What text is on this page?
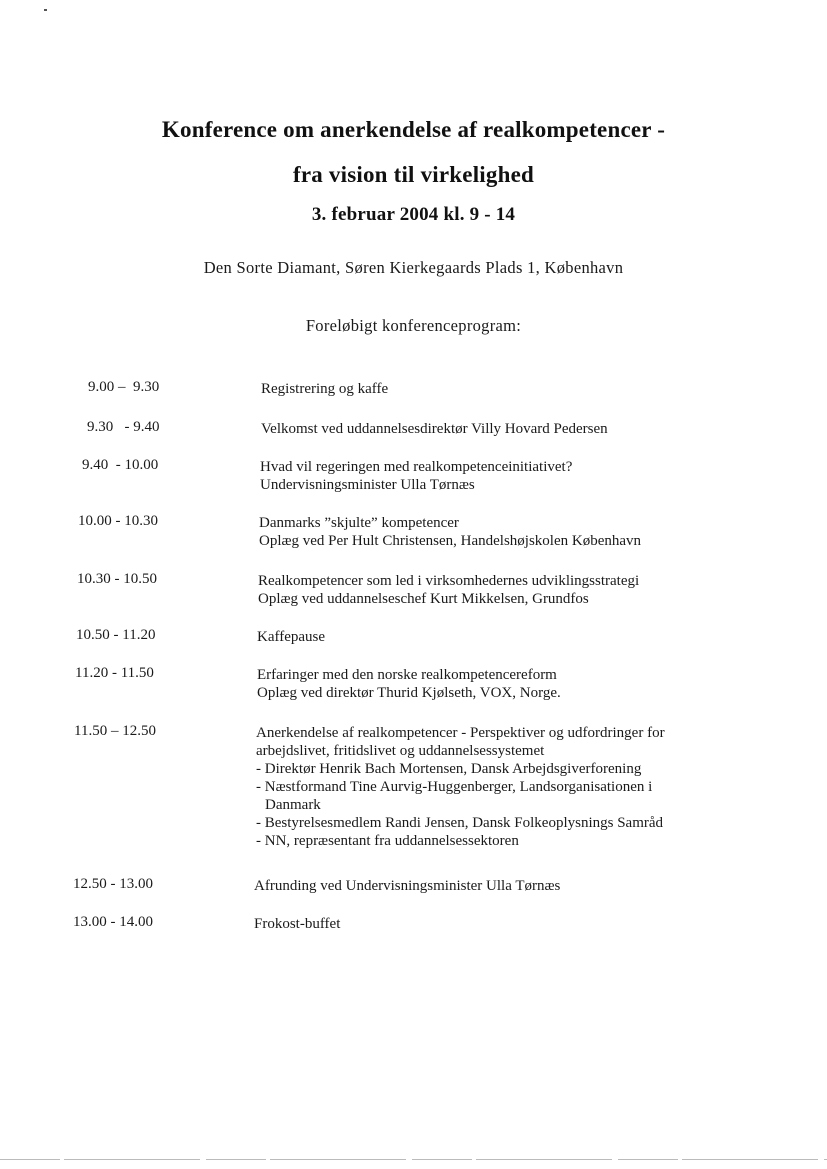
Konference om anerkendelse af realkompetencer -
fra vision til virkelighed
3. februar 2004 kl. 9 - 14
Den Sorte Diamant, Søren Kierkegaards Plads 1, København
Foreløbigt konferenceprogram:
9.00 –  9.30	Registrering og kaffe
9.30   - 9.40	Velkomst ved uddannelsesdirektør Villy Hovard Pedersen
9.40  - 10.00	Hvad vil regeringen med realkompetenceinitiativet?
Undervisningsminister Ulla Tørnæs
10.00 - 10.30	Danmarks ”skjulte” kompetencer
Oplæg ved Per Hult Christensen, Handelshøjskolen København
10.30 - 10.50	Realkompetencer som led i virksomhedernes udviklingsstrategi
Oplæg ved uddannelseschef Kurt Mikkelsen, Grundfos
10.50 - 11.20	Kaffepause
11.20 - 11.50	Erfaringer med den norske realkompetencereform
Oplæg ved direktør Thurid Kjølseth, VOX, Norge.
11.50 – 12.50	Anerkendelse af realkompetencer - Perspektiver og udfordringer for
arbejdslivet, fritidslivet og uddannelsessystemet
- Direktør Henrik Bach Mortensen, Dansk Arbejdsgiverforening
- Næstformand Tine Aurvig-Huggenberger, Landsorganisationen i
Danmark
- Bestyrelsesmedlem Randi Jensen, Dansk Folkeoplysnings Samråd
- NN, repræsentant fra uddannelsessektoren
12.50 - 13.00	Afrunding ved Undervisningsminister Ulla Tørnæs
13.00 - 14.00	Frokost-buffet
